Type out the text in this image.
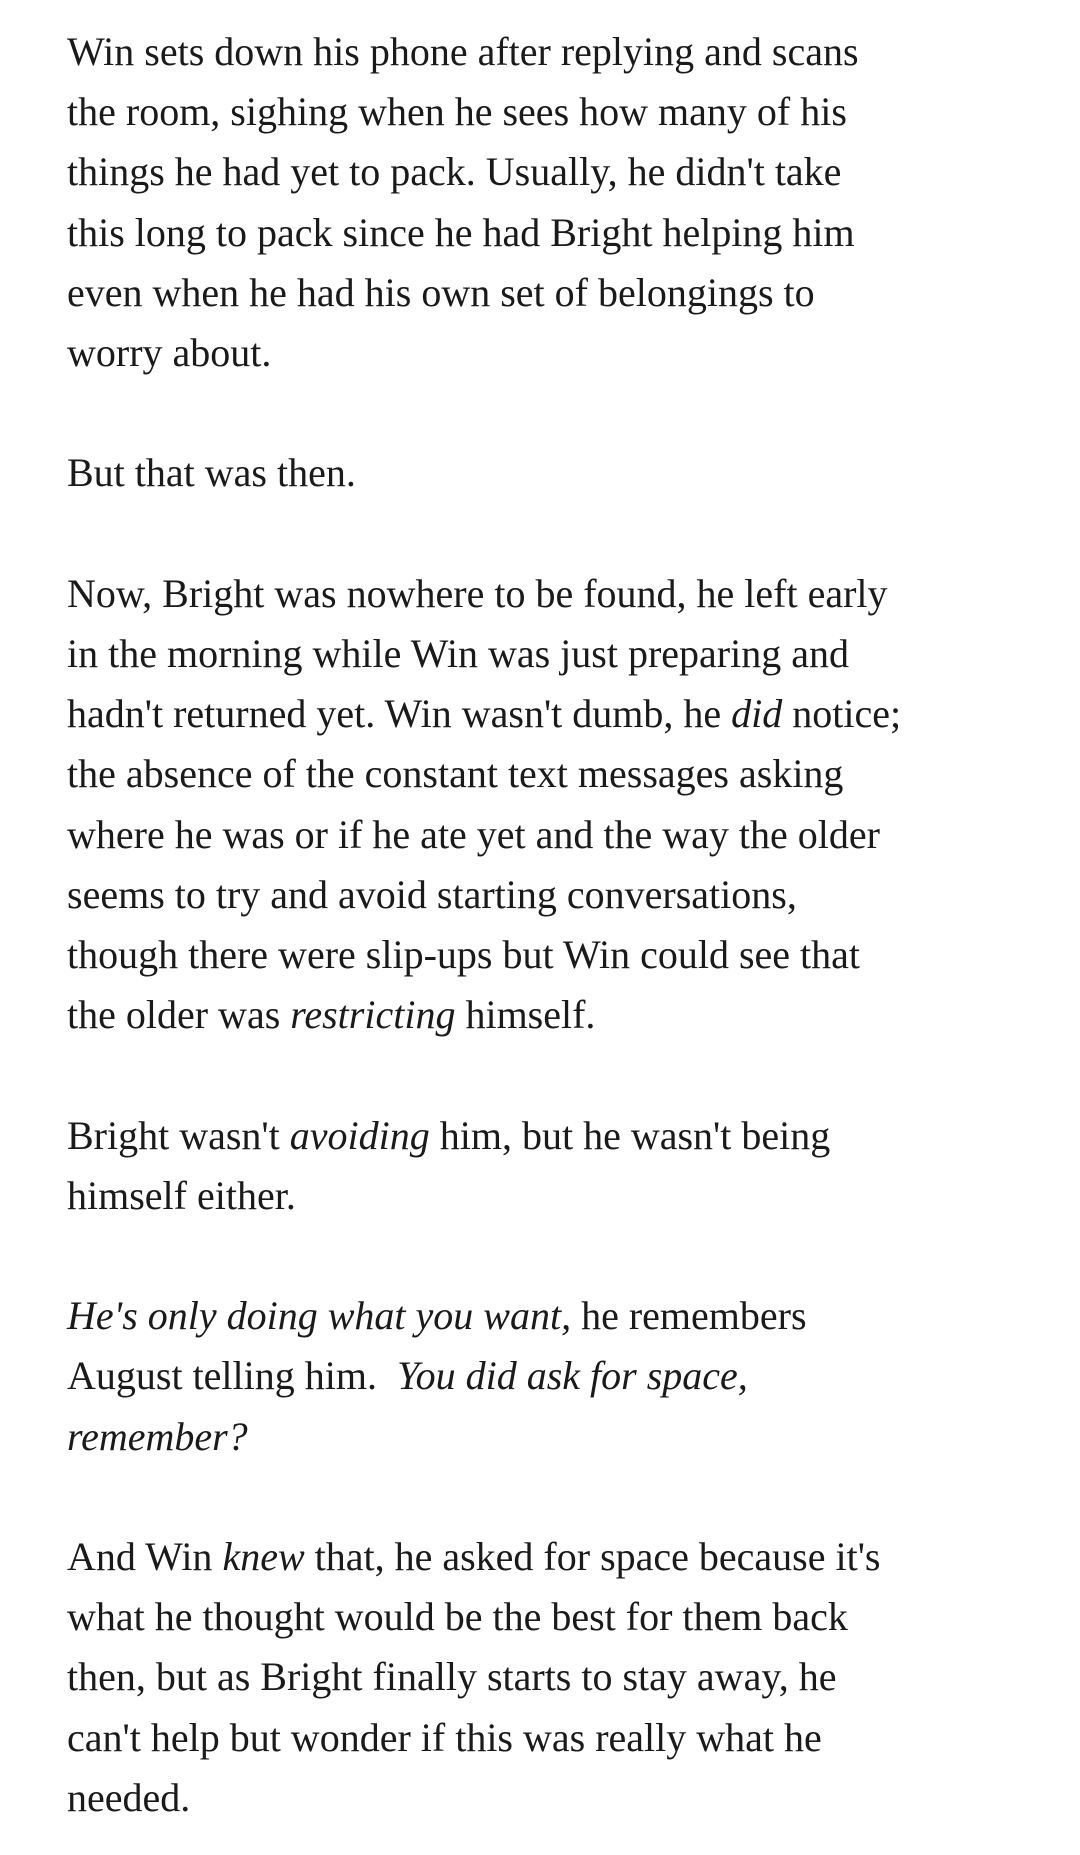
Win sets down his phone after replying and scans
the room, sighing when he sees how many of his
things he had yet to pack. Usually, he didn't take
this long to pack since he had Bright helping him
even when he had his own set of belongings to
worry about.

But that was then.

Now, Bright was nowhere to be found, he left early
in the morning while Win was just preparing and
hadn't returned yet. Win wasn't dumb, he did notice;
the absence of the constant text messages asking
where he was or if he ate yet and the way the older
seems to try and avoid starting conversations,
though there were slip-ups but Win could see that
the older was restricting himself.

Bright wasn't avoiding him, but he wasn't being
himself either.

He's only doing what you want, he remembers
August telling him.  You did ask for space,
remember?

And Win knew that, he asked for space because it's
what he thought would be the best for them back
then, but as Bright finally starts to stay away, he
can't help but wonder if this was really what he
needed.
